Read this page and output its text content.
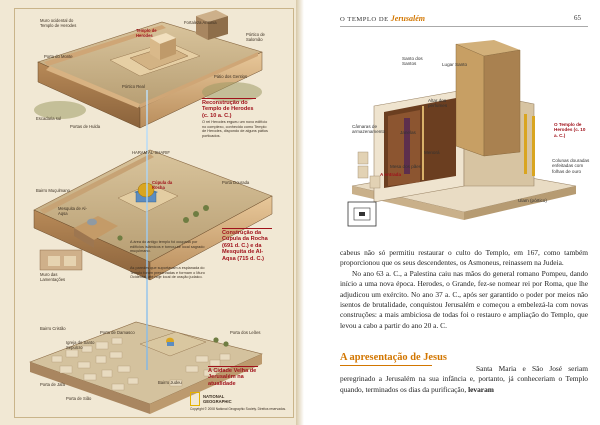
Muro ocidental do Templo de Herodes
Fortaleza Antonia
Templo de Herodes	Pórtico de Salomão
Porta do Monte
Pórtico Real
Escadaria sul
Portas de Hulda
Pátio dos Gentios
Reconstrução do Templo de Herodes (c. 10 a. C.)
O rei Herodes ergueu um novo edifício no complexo, conhecido como Templo de Herodes, dispondo de alguns pátios porticados.
HARAM AL-SHARIF
Cúpula da Rocha
Mesquita de Al-Aqsa
Porta Dourada
Bairro Muçulmano
Muro das Lamentações
Construção da Cúpula da Rocha (691 d. C.) e da Mesquita de Al-Aqsa (715 d. C.)
A área do antigo templo foi ocupada por edifícios islâmicos e tornou-se local sagrado muçulmano.
As paredes que suportavam a esplanada do Templo foram preservadas e formam o Muro Ocidental, até hoje local de oração judaico.
Bairro Cristão
Igreja do Santo Sepulcro
Porta de Jafa
Porta de Sião
Porta de Damasco	Porta dos Leões
Bairro Judeu
A Cidade Velha de Jerusalém na atualidade
NATIONAL GEOGRAPHIC
Copyright © 2008 National Geographic Society. Direitos reservados.
O TEMPLO DE Jerusalém	65
Santo dos Santos	Lugar Santo
Altar dos perfumes
Câmaras de armazenamento	Janelas
Menorá
Mesa dos pães
A entrada
O Templo de Herodes (c. 10 a. C.)
Colunas douradas enfeitadas com folhas de ouro
Ulam (pórtico)

cabeus não só permitiu restaurar o culto do Templo, em 167, como também proporcionou que os seus descendentes, os Asmoneus, reinassem na Judeia.

No ano 63 a. C., a Palestina caiu nas mãos do general romano Pompeu, dando início a uma nova época. Herodes, o Grande, fez-se nomear rei por Roma, que lhe adjudicou um exército. No ano 37 a. C., após ser garantido o poder por meios não isentos de brutalidade, conquistou Jerusalém e começou a embelezá-la com novas construções: a mais ambiciosa de todas foi o restauro e ampliação do Templo, que levou a cabo a partir do ano 20 a. C.

A apresentação de Jesus

Santa Maria e São José seriam peregrinado a Jerusalém na sua infância e, portanto, já conheceriam o Templo quando, terminados os dias da purificação, levaram
